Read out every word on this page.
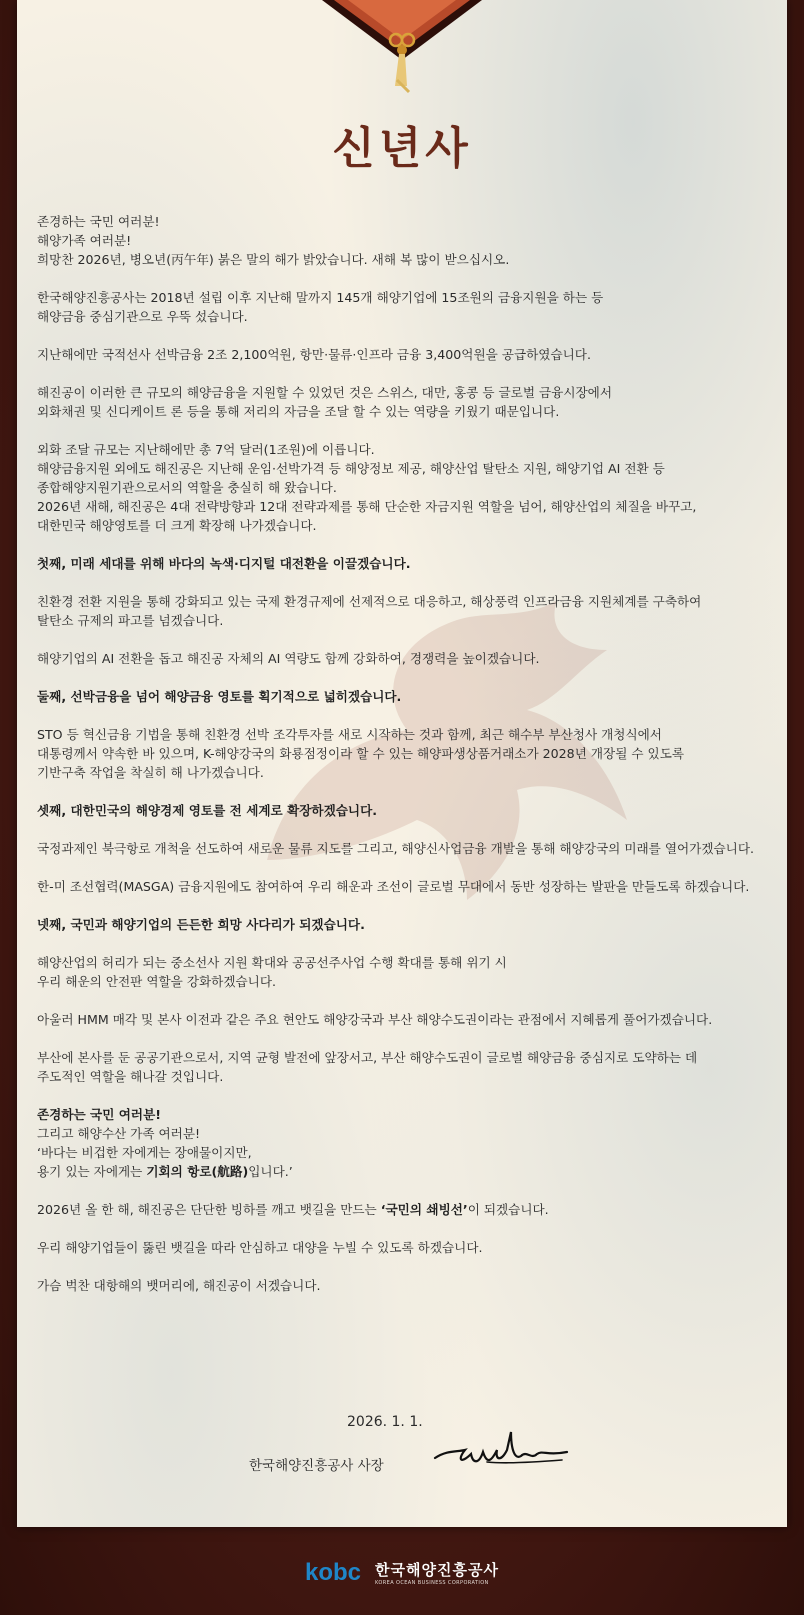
신년사

존경하는 국민 여러분!

해양가족 여러분!

희망찬 2026년, 병오년(丙午年) 붉은 말의 해가 밝았습니다. 새해 복 많이 받으십시오.

한국해양진흥공사는 2018년 설립 이후 지난해 말까지 145개 해양기업에 15조원의 금융지원을 하는 등

해양금융 중심기관으로 우뚝 섰습니다.

지난해에만 국적선사 선박금융 2조 2,100억원, 항만·물류·인프라 금융 3,400억원을 공급하였습니다.

해진공이 이러한 큰 규모의 해양금융을 지원할 수 있었던 것은 스위스, 대만, 홍콩 등 글로벌 금융시장에서

외화채권 및 신디케이트 론 등을 통해 저리의 자금을 조달 할 수 있는 역량을 키웠기 때문입니다.

외화 조달 규모는 지난해에만 총 7억 달러(1조원)에 이릅니다.

해양금융지원 외에도 해진공은 지난해 운임·선박가격 등 해양정보 제공, 해양산업 탈탄소 지원, 해양기업 AI 전환 등

종합해양지원기관으로서의 역할을 충실히 해 왔습니다.

2026년 새해, 해진공은 4대 전략방향과 12대 전략과제를 통해 단순한 자금지원 역할을 넘어, 해양산업의 체질을 바꾸고,

대한민국 해양영토를 더 크게 확장해 나가겠습니다.

첫째, 미래 세대를 위해 바다의 녹색·디지털 대전환을 이끌겠습니다.

친환경 전환 지원을 통해 강화되고 있는 국제 환경규제에 선제적으로 대응하고, 해상풍력 인프라금융 지원체계를 구축하여

탈탄소 규제의 파고를 넘겠습니다.

해양기업의 AI 전환을 돕고 해진공 자체의 AI 역량도 함께 강화하여, 경쟁력을 높이겠습니다.

둘째, 선박금융을 넘어 해양금융 영토를 획기적으로 넓히겠습니다.

STO 등 혁신금융 기법을 통해 친환경 선박 조각투자를 새로 시작하는 것과 함께, 최근 해수부 부산청사 개청식에서

대통령께서 약속한 바 있으며, K-해양강국의 화룡점정이라 할 수 있는 해양파생상품거래소가 2028년 개장될 수 있도록

기반구축 작업을 착실히 해 나가겠습니다.

셋째, 대한민국의 해양경제 영토를 전 세계로 확장하겠습니다.

국정과제인 북극항로 개척을 선도하여 새로운 물류 지도를 그리고, 해양신사업금융 개발을 통해 해양강국의 미래를 열어가겠습니다.

한-미 조선협력(MASGA) 금융지원에도 참여하여 우리 해운과 조선이 글로벌 무대에서 동반 성장하는 발판을 만들도록 하겠습니다.

넷째, 국민과 해양기업의 든든한 희망 사다리가 되겠습니다.

해양산업의 허리가 되는 중소선사 지원 확대와 공공선주사업 수행 확대를 통해 위기 시

우리 해운의 안전판 역할을 강화하겠습니다.

아울러 HMM 매각 및 본사 이전과 같은 주요 현안도 해양강국과 부산 해양수도권이라는 관점에서 지혜롭게 풀어가겠습니다.

부산에 본사를 둔 공공기관으로서, 지역 균형 발전에 앞장서고, 부산 해양수도권이 글로벌 해양금융 중심지로 도약하는 데

주도적인 역할을 해나갈 것입니다.

존경하는 국민 여러분!

그리고 해양수산 가족 여러분!

‘바다는 비겁한 자에게는 장애물이지만,

용기 있는 자에게는 기회의 항로(航路)입니다.’

2026년 올 한 해, 해진공은 단단한 빙하를 깨고 뱃길을 만드는 ‘국민의 쇄빙선’이 되겠습니다.

우리 해양기업들이 뚫린 뱃길을 따라 안심하고 대양을 누빌 수 있도록 하겠습니다.

가슴 벅찬 대항해의 뱃머리에, 해진공이 서겠습니다.

2026. 1. 1.
한국해양진흥공사 사장
kobc 한국해양진흥공사
KOREA OCEAN BUSINESS CORPORATION
